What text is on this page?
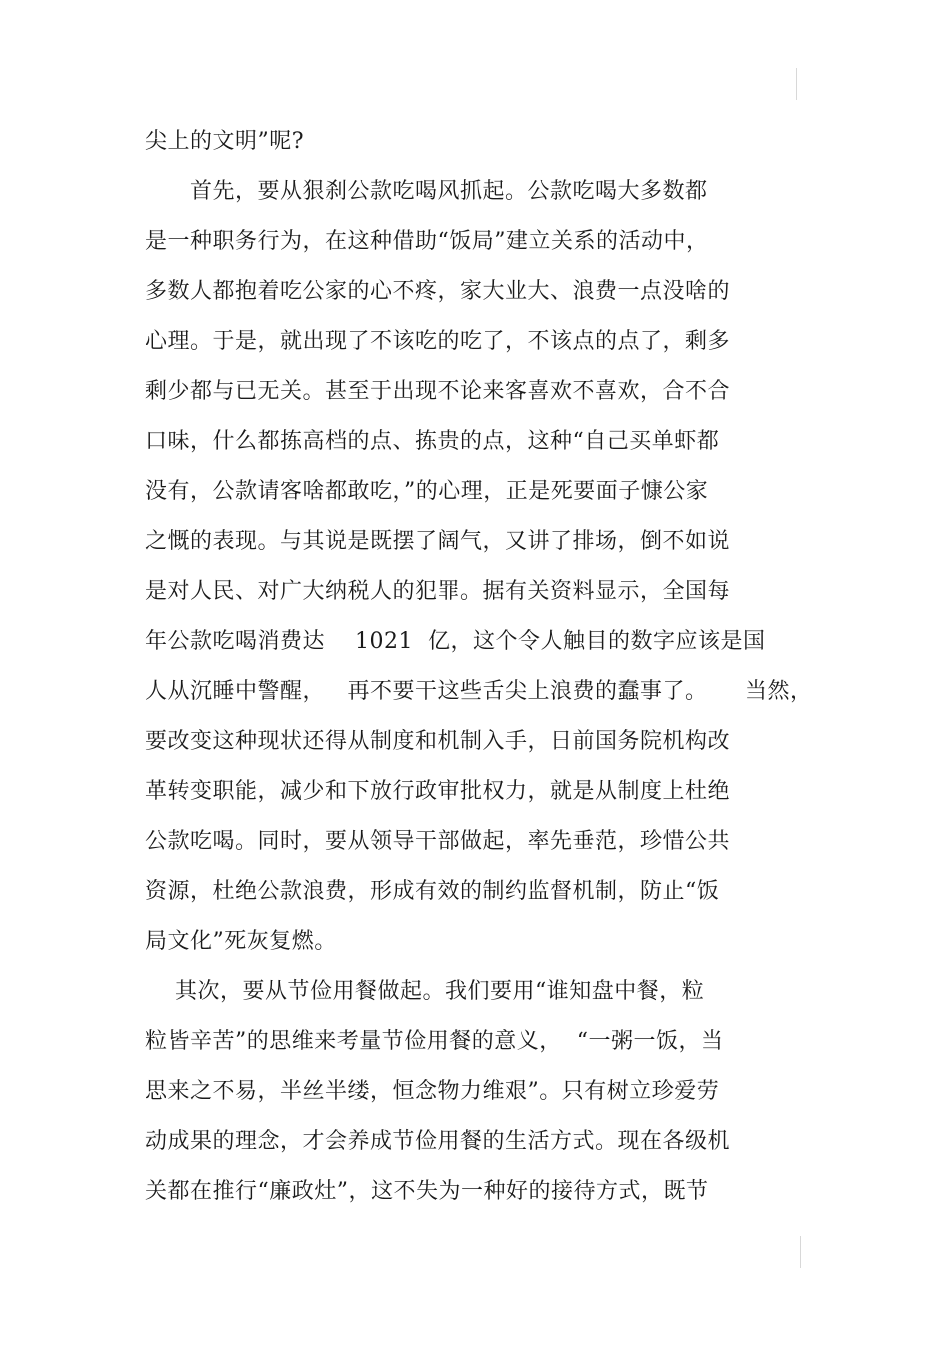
尖上的文明”呢?
首先，要从狠刹公款吃喝风抓起。公款吃喝大多数都
是一种职务行为，在这种借助“饭局”建立关系的活动中，
多数人都抱着吃公家的心不疼，家大业大、浪费一点没啥的
心理。于是，就出现了不该吃的吃了，不该点的点了，剩多
剩少都与已无关。甚至于出现不论来客喜欢不喜欢，合不合
口味，什么都拣高档的点、拣贵的点，这种“自己买单虾都
没有，公款请客啥都敢吃，”的心理，正是死要面子慷公家
之慨的表现。与其说是既摆了阔气，又讲了排场，倒不如说
是对人民、对广大纳税人的犯罪。据有关资料显示，全国每
年公款吃喝消费达    1021  亿，这个令人触目的数字应该是国
人从沉睡中警醒，   再不要干这些舌尖上浪费的蠢事了。     当然，
要改变这种现状还得从制度和机制入手，日前国务院机构改
革转变职能，减少和下放行政审批权力，就是从制度上杜绝
公款吃喝。同时，要从领导干部做起，率先垂范，珍惜公共
资源，杜绝公款浪费，形成有效的制约监督机制，防止“饭
局文化”死灰复燃。
其次，要从节俭用餐做起。我们要用“谁知盘中餐，粒
粒皆辛苦”的思维来考量节俭用餐的意义，  “一粥一饭，当
思来之不易，半丝半缕，恒念物力维艰”。只有树立珍爱劳
动成果的理念，才会养成节俭用餐的生活方式。现在各级机
关都在推行“廉政灶”，这不失为一种好的接待方式，既节
